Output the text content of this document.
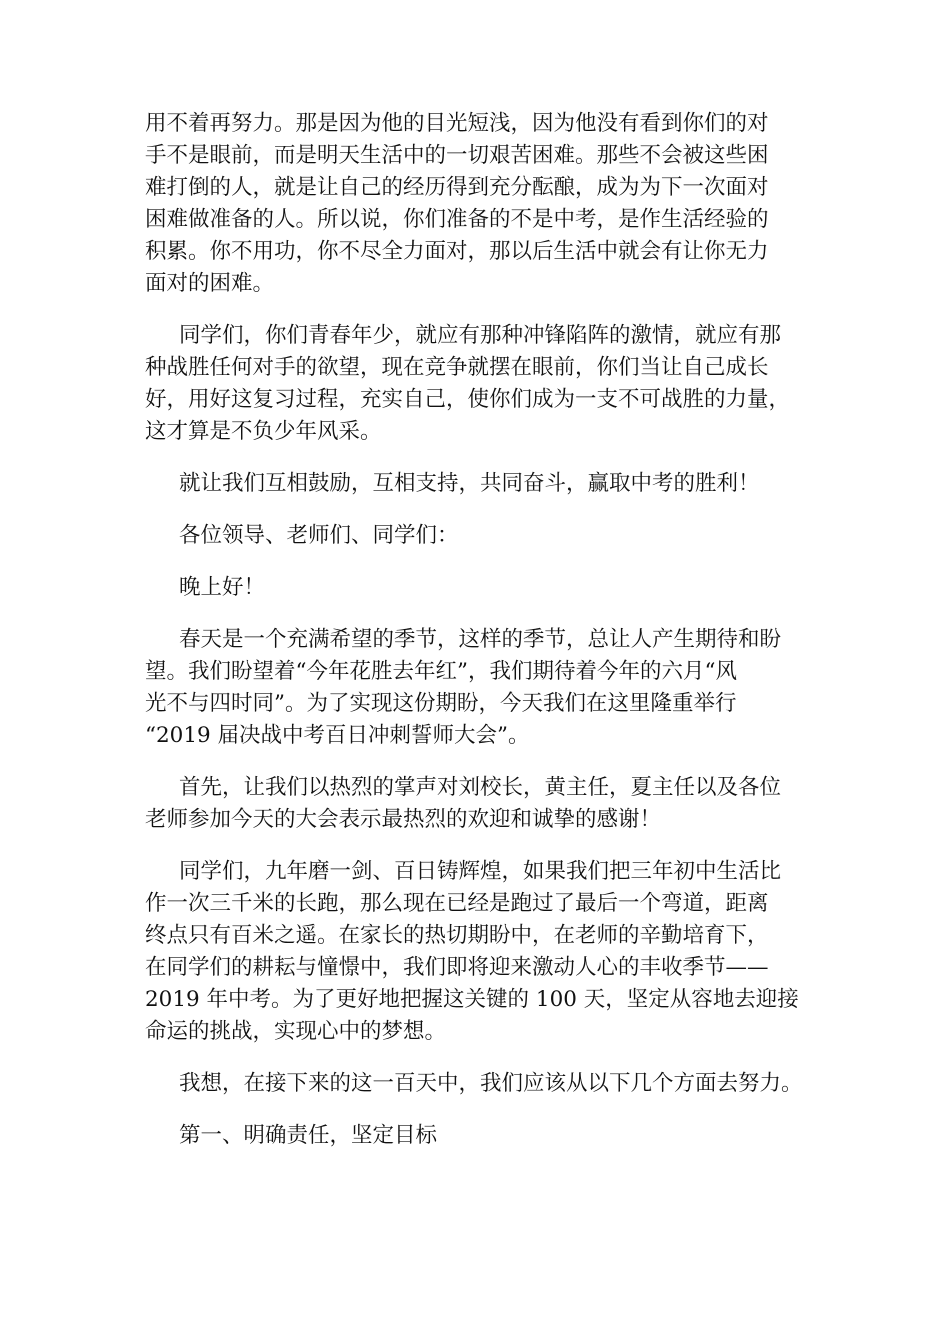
用不着再努力。那是因为他的目光短浅，因为他没有看到你们的对
手不是眼前，而是明天生活中的一切艰苦困难。那些不会被这些困
难打倒的人，就是让自己的经历得到充分酝酿，成为为下一次面对
困难做准备的人。所以说，你们准备的不是中考，是作生活经验的
积累。你不用功，你不尽全力面对，那以后生活中就会有让你无力
面对的困难。
同学们，你们青春年少，就应有那种冲锋陷阵的激情，就应有那
种战胜任何对手的欲望，现在竞争就摆在眼前，你们当让自己成长
好，用好这复习过程，充实自己，使你们成为一支不可战胜的力量，
这才算是不负少年风采。
就让我们互相鼓励，互相支持，共同奋斗，赢取中考的胜利！
各位领导、老师们、同学们：
晚上好！
春天是一个充满希望的季节，这样的季节，总让人产生期待和盼
望。我们盼望着“今年花胜去年红”，我们期待着今年的六月“风
光不与四时同”。为了实现这份期盼，今天我们在这里隆重举行
“2019 届决战中考百日冲刺誓师大会”。
首先，让我们以热烈的掌声对刘校长，黄主任，夏主任以及各位
老师参加今天的大会表示最热烈的欢迎和诚挚的感谢！
同学们，九年磨一剑、百日铸辉煌，如果我们把三年初中生活比
作一次三千米的长跑，那么现在已经是跑过了最后一个弯道，距离
终点只有百米之遥。在家长的热切期盼中，在老师的辛勤培育下，
在同学们的耕耘与憧憬中，我们即将迎来激动人心的丰收季节——
2019 年中考。为了更好地把握这关键的 100 天，坚定从容地去迎接
命运的挑战，实现心中的梦想。
我想，在接下来的这一百天中，我们应该从以下几个方面去努力。
第一、明确责任，坚定目标
